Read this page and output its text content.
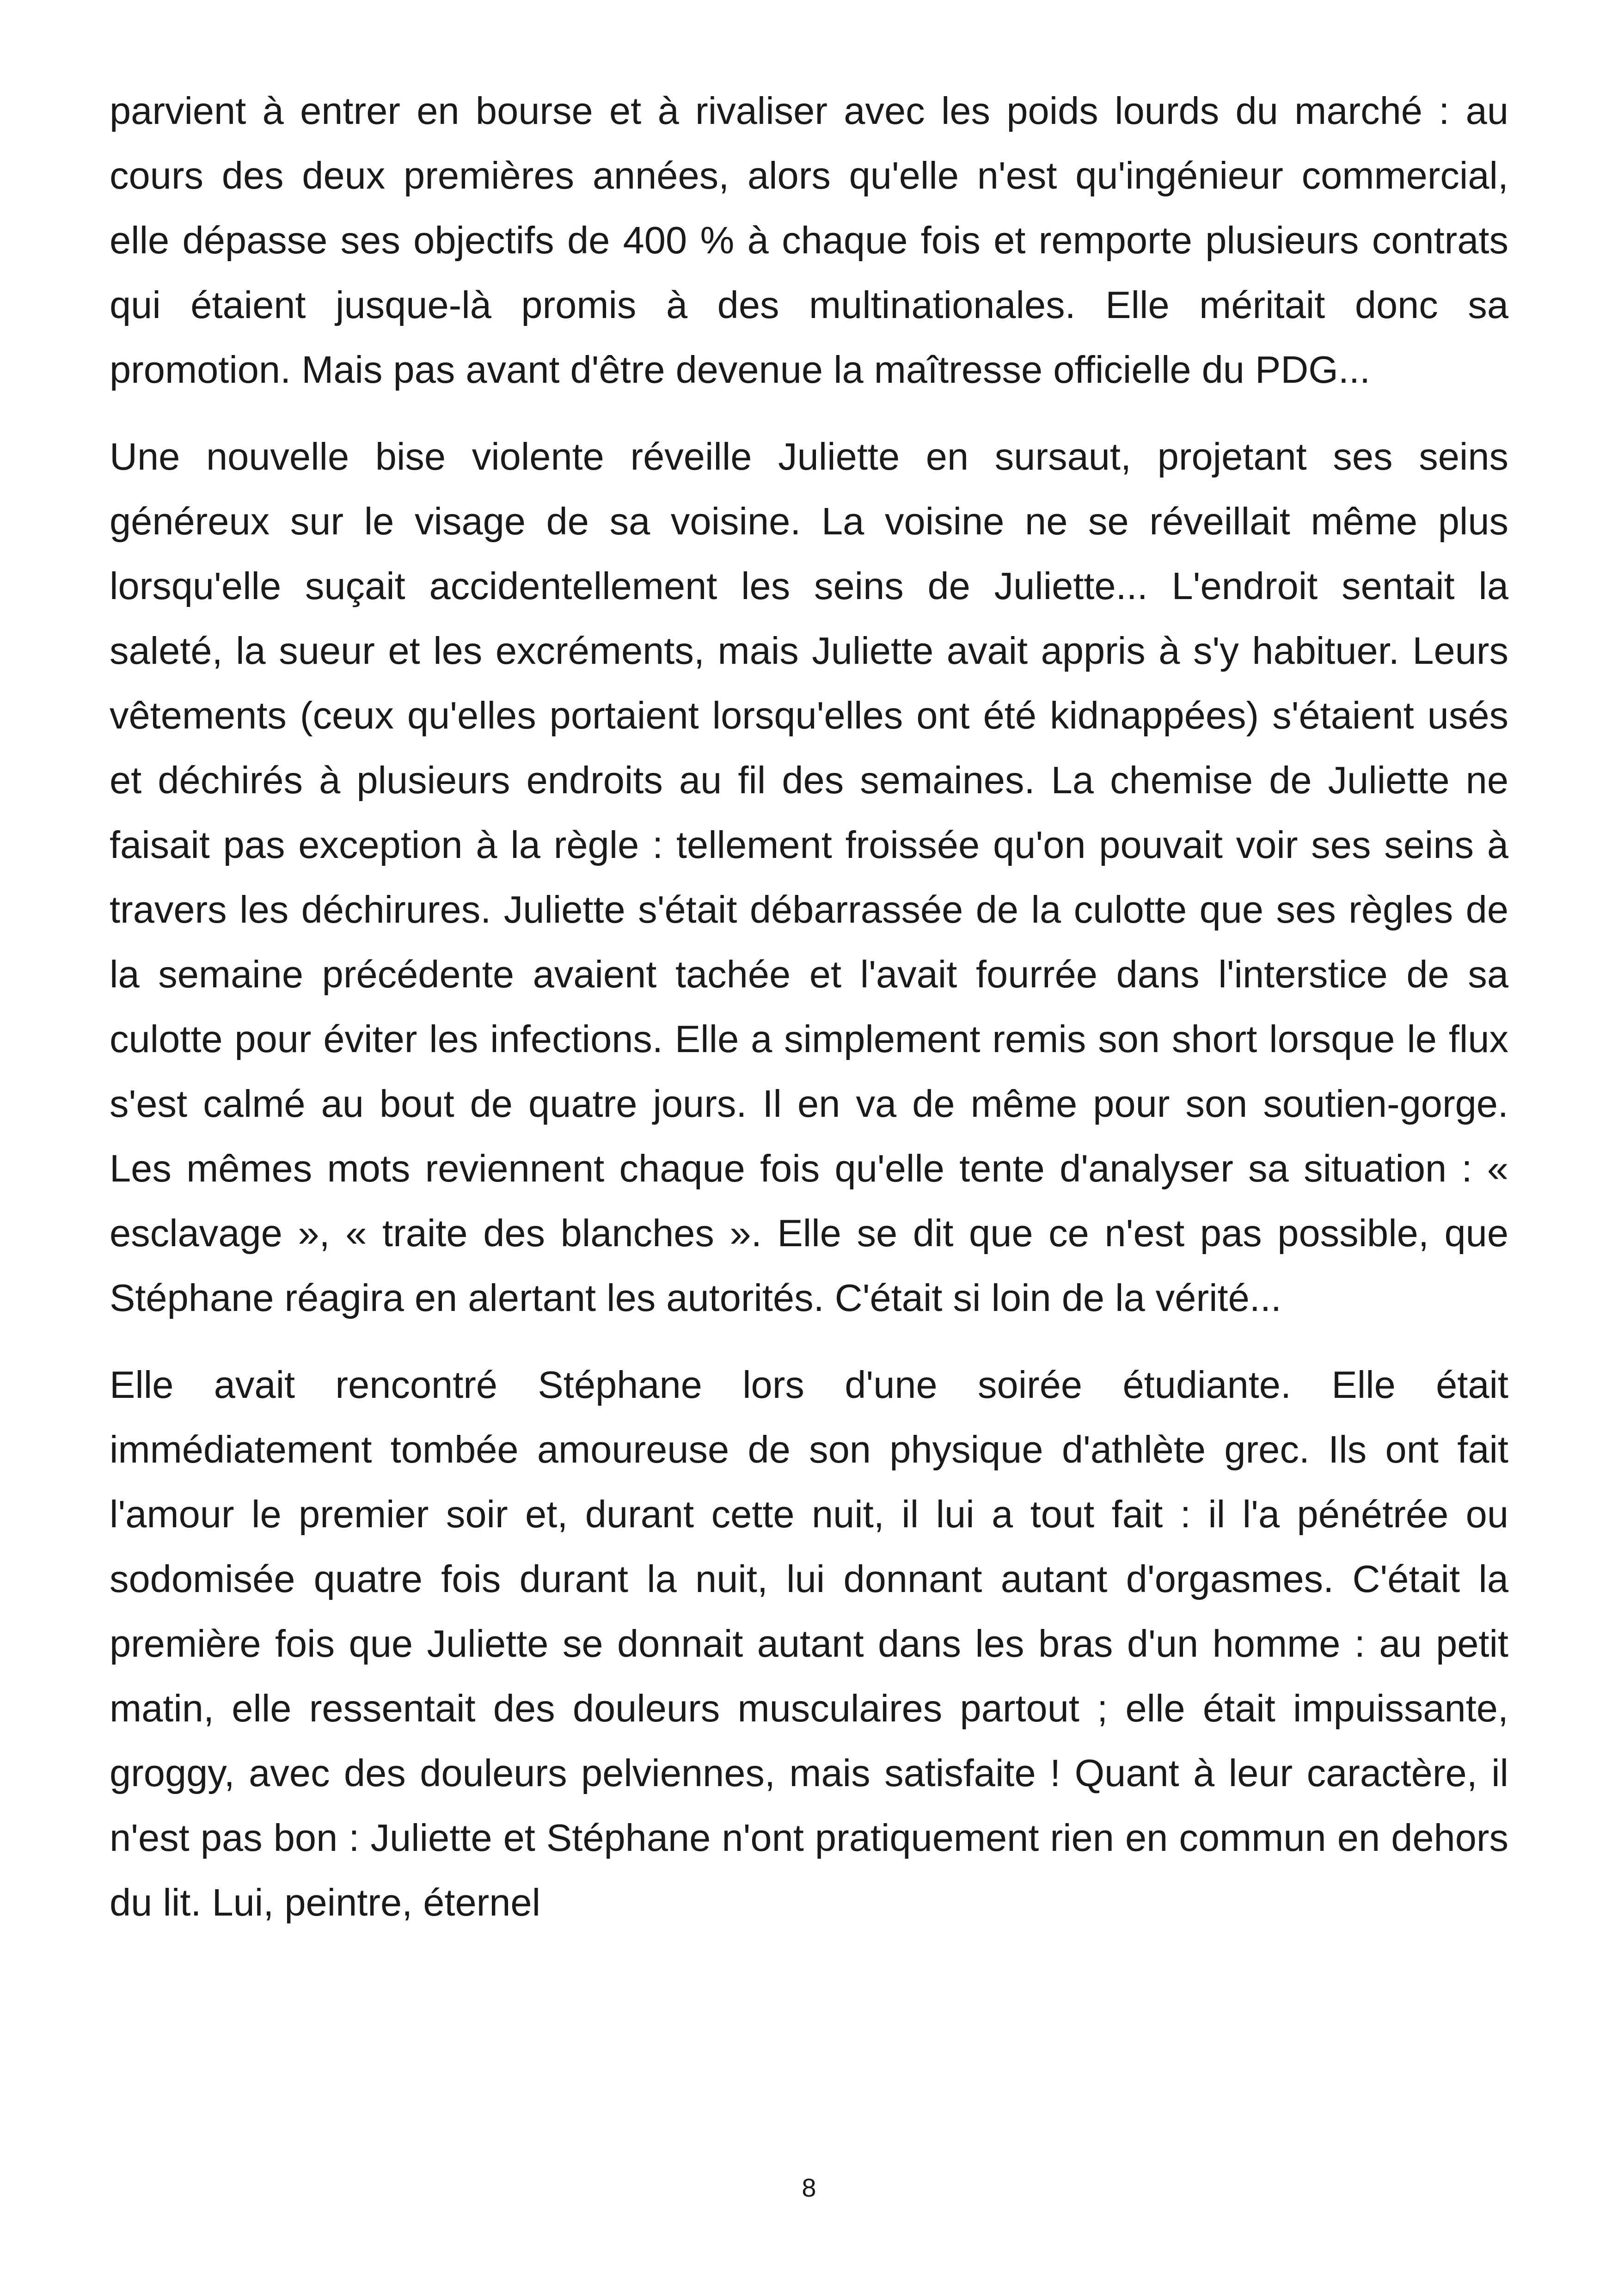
parvient à entrer en bourse et à rivaliser avec les poids lourds du marché : au cours des deux premières années, alors qu'elle n'est qu'ingénieur commercial, elle dépasse ses objectifs de 400 % à chaque fois et remporte plusieurs contrats qui étaient jusque-là promis à des multinationales. Elle méritait donc sa promotion. Mais pas avant d'être devenue la maîtresse officielle du PDG...

Une nouvelle bise violente réveille Juliette en sursaut, projetant ses seins généreux sur le visage de sa voisine. La voisine ne se réveillait même plus lorsqu'elle suçait accidentellement les seins de Juliette... L'endroit sentait la saleté, la sueur et les excréments, mais Juliette avait appris à s'y habituer. Leurs vêtements (ceux qu'elles portaient lorsqu'elles ont été kidnappées) s'étaient usés et déchirés à plusieurs endroits au fil des semaines. La chemise de Juliette ne faisait pas exception à la règle : tellement froissée qu'on pouvait voir ses seins à travers les déchirures. Juliette s'était débarrassée de la culotte que ses règles de la semaine précédente avaient tachée et l'avait fourrée dans l'interstice de sa culotte pour éviter les infections. Elle a simplement remis son short lorsque le flux s'est calmé au bout de quatre jours. Il en va de même pour son soutien-gorge. Les mêmes mots reviennent chaque fois qu'elle tente d'analyser sa situation : « esclavage », « traite des blanches ». Elle se dit que ce n'est pas possible, que Stéphane réagira en alertant les autorités. C'était si loin de la vérité...

Elle avait rencontré Stéphane lors d'une soirée étudiante. Elle était immédiatement tombée amoureuse de son physique d'athlète grec. Ils ont fait l'amour le premier soir et, durant cette nuit, il lui a tout fait : il l'a pénétrée ou sodomisée quatre fois durant la nuit, lui donnant autant d'orgasmes. C'était la première fois que Juliette se donnait autant dans les bras d'un homme : au petit matin, elle ressentait des douleurs musculaires partout ; elle était impuissante, groggy, avec des douleurs pelviennes, mais satisfaite ! Quant à leur caractère, il n'est pas bon : Juliette et Stéphane n'ont pratiquement rien en commun en dehors du lit. Lui, peintre, éternel

8
